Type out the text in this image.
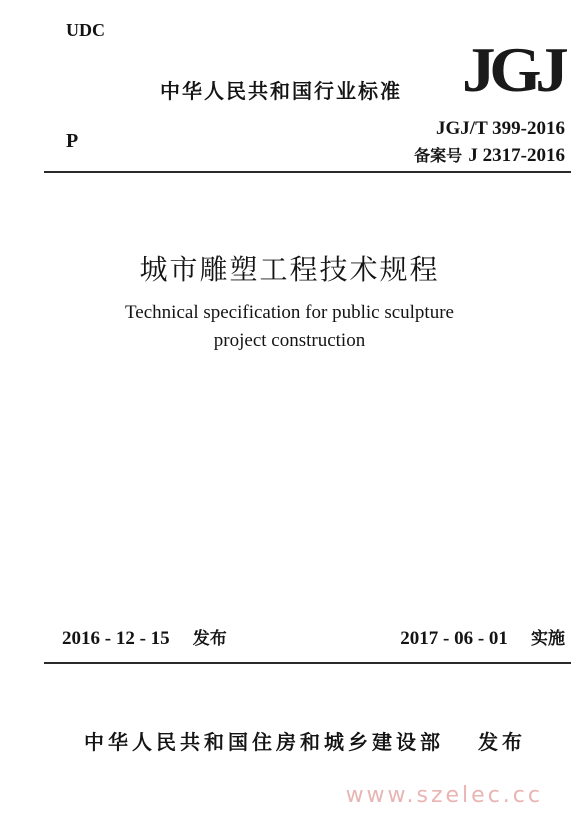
UDC
中华人民共和国行业标准 JGJ
P
JGJ/T 399-2016
备案号 J 2317-2016
城市雕塑工程技术规程
Technical specification for public sculpture
project construction
2016 - 12 - 15 发布	2017 - 06 - 01 实施
中华人民共和国住房和城乡建设部 发布
www.szelec.cc
